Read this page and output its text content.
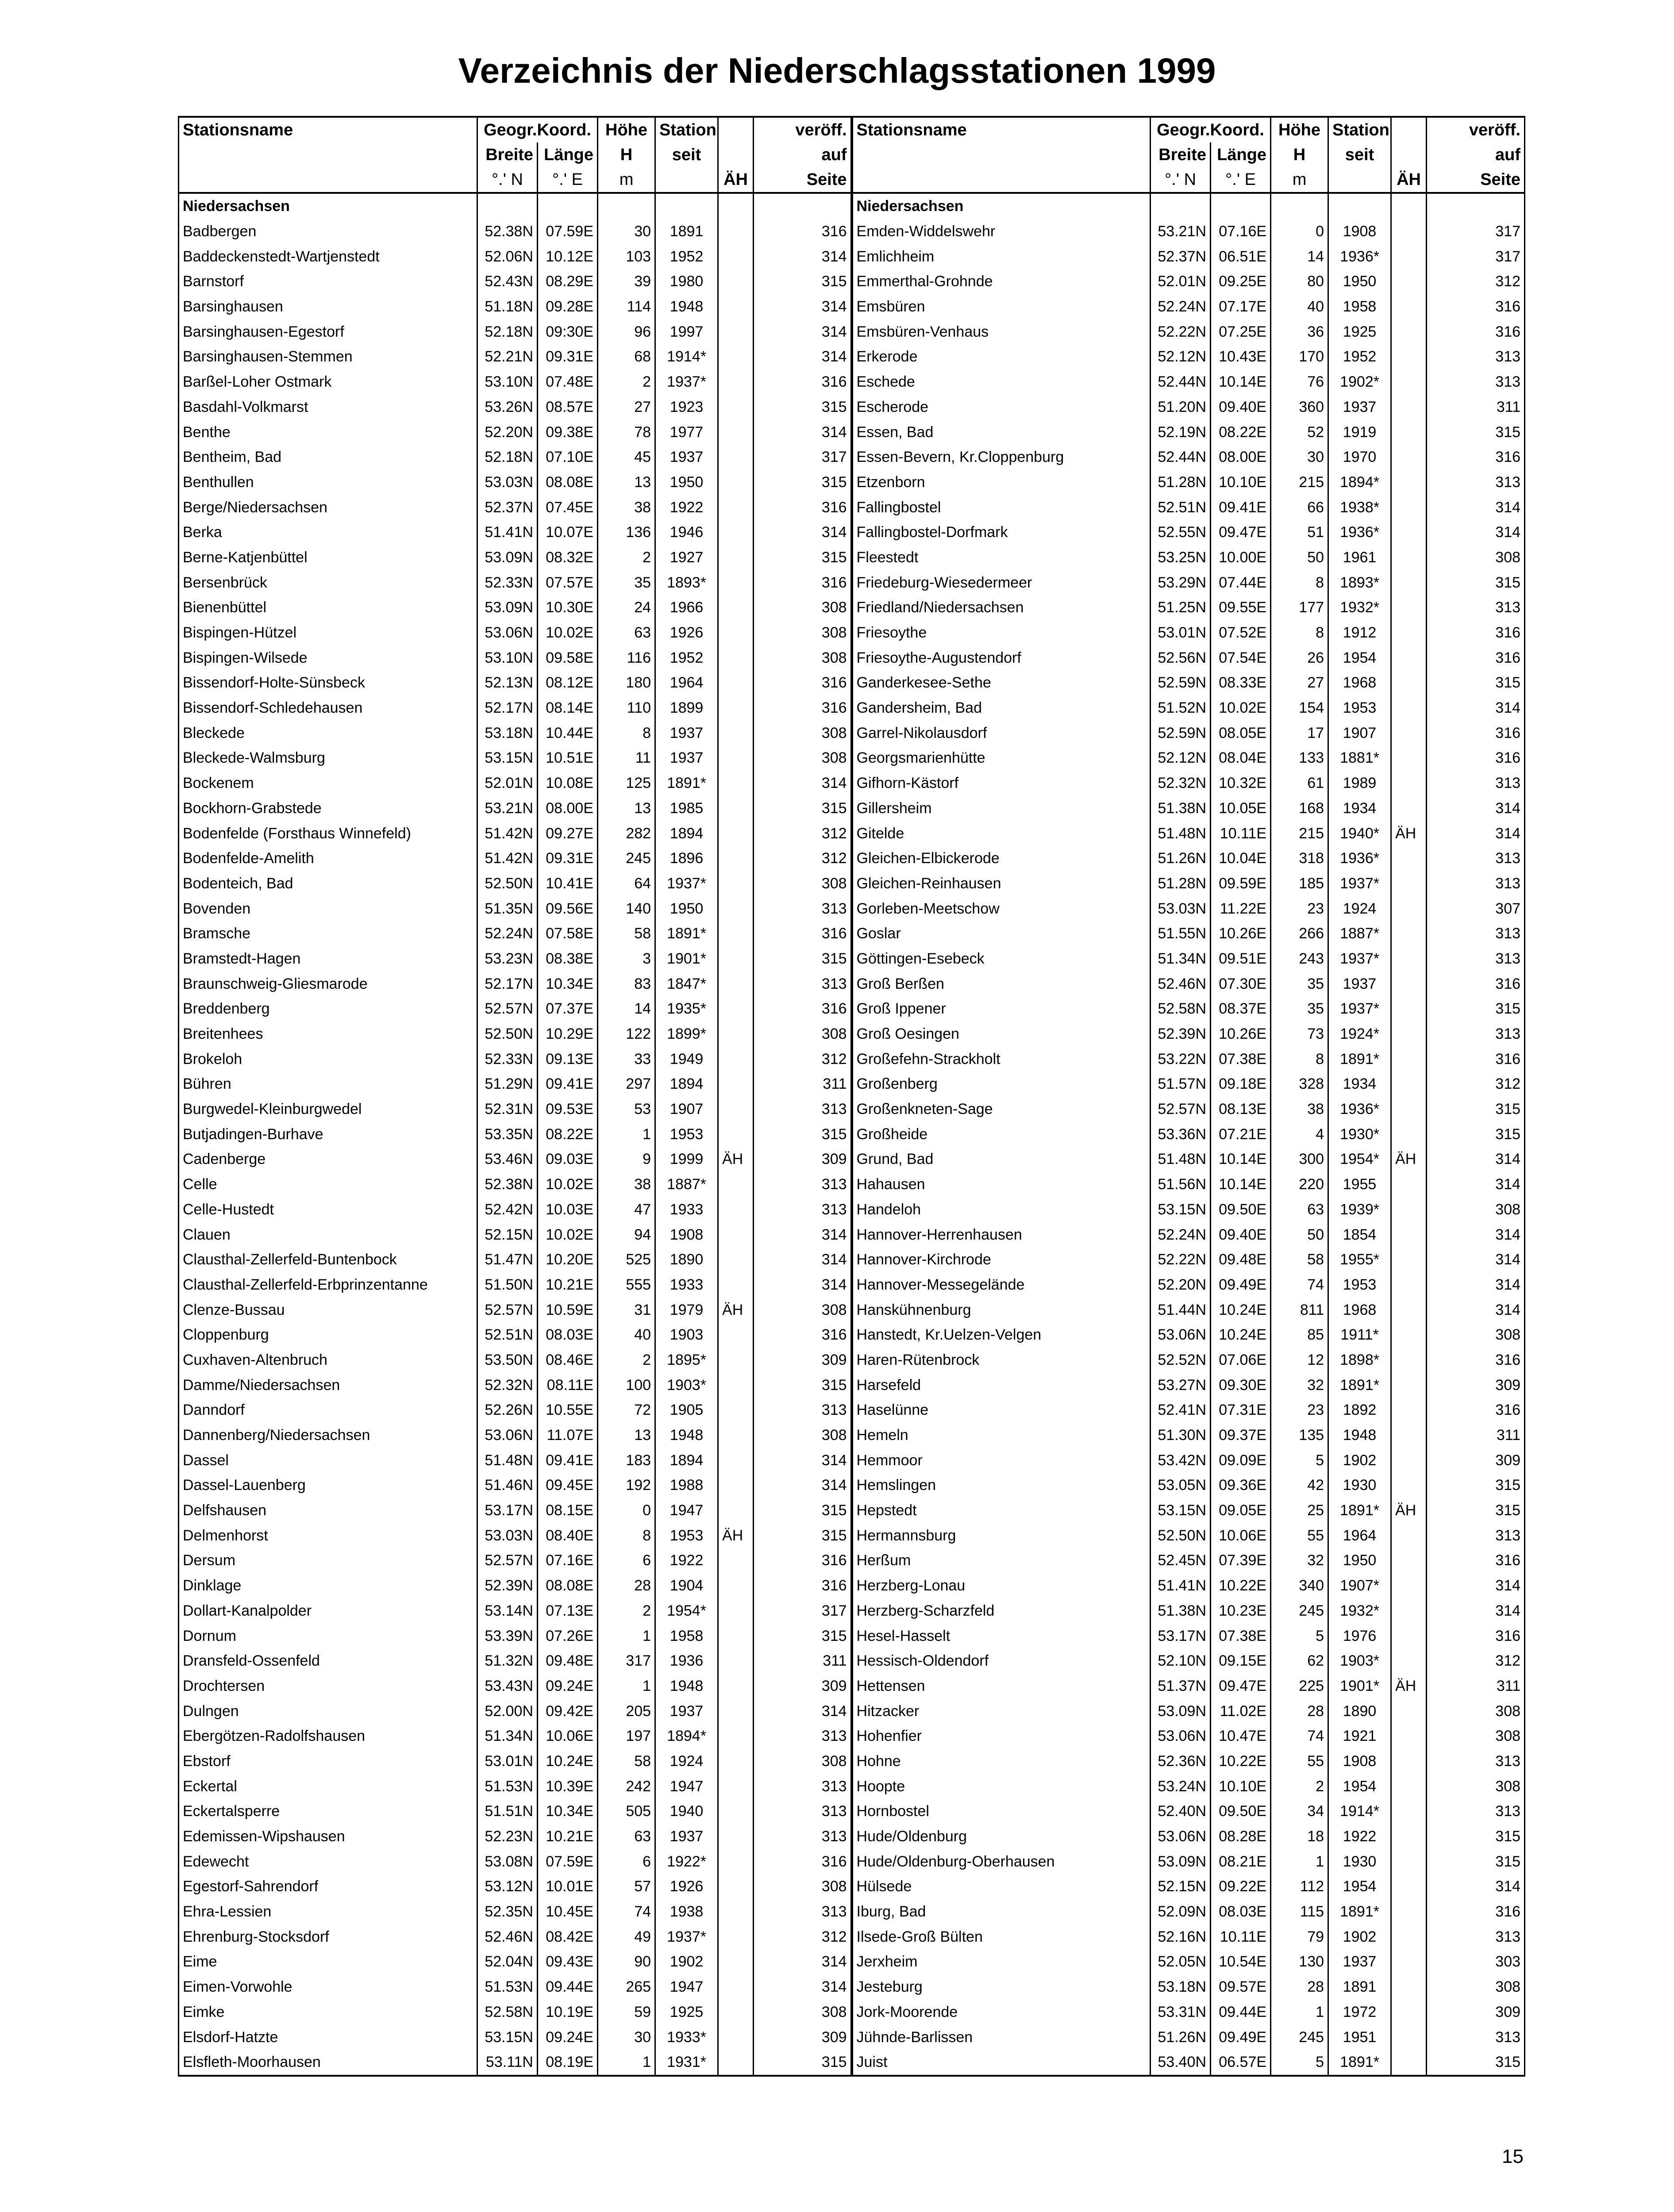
Verzeichnis der Niederschlagsstationen 1999
Stationsname	Geogr.Koord.		Höhe	Station		veröff.	Stationsname	Geogr.Koord.		Höhe	Station		veröff.
	Breite	Länge	H	seit		auf		Breite	Länge	H	seit		auf
	°.' N	°.' E	m		ÄH	Seite		°.' N	°.' E	m		ÄH	Seite
Niedersachsen							Niedersachsen						
Badbergen	52.38N	07.59E	30	1891		316	Emden-Widdelswehr	53.21N	07.16E	0	1908		317
Baddeckenstedt-Wartjenstedt	52.06N	10.12E	103	1952		314	Emlichheim	52.37N	06.51E	14	1936*		317
Barnstorf	52.43N	08.29E	39	1980		315	Emmerthal-Grohnde	52.01N	09.25E	80	1950		312
Barsinghausen	51.18N	09.28E	114	1948		314	Emsbüren	52.24N	07.17E	40	1958		316
Barsinghausen-Egestorf	52.18N	09:30E	96	1997		314	Emsbüren-Venhaus	52.22N	07.25E	36	1925		316
Barsinghausen-Stemmen	52.21N	09.31E	68	1914*		314	Erkerode	52.12N	10.43E	170	1952		313
Barßel-Loher Ostmark	53.10N	07.48E	2	1937*		316	Eschede	52.44N	10.14E	76	1902*		313
Basdahl-Volkmarst	53.26N	08.57E	27	1923		315	Escherode	51.20N	09.40E	360	1937		311
Benthe	52.20N	09.38E	78	1977		314	Essen, Bad	52.19N	08.22E	52	1919		315
Bentheim, Bad	52.18N	07.10E	45	1937		317	Essen-Bevern, Kr.Cloppenburg	52.44N	08.00E	30	1970		316
Benthullen	53.03N	08.08E	13	1950		315	Etzenborn	51.28N	10.10E	215	1894*		313
Berge/Niedersachsen	52.37N	07.45E	38	1922		316	Fallingbostel	52.51N	09.41E	66	1938*		314
Berka	51.41N	10.07E	136	1946		314	Fallingbostel-Dorfmark	52.55N	09.47E	51	1936*		314
Berne-Katjenbüttel	53.09N	08.32E	2	1927		315	Fleestedt	53.25N	10.00E	50	1961		308
Bersenbrück	52.33N	07.57E	35	1893*		316	Friedeburg-Wiesedermeer	53.29N	07.44E	8	1893*		315
Bienenbüttel	53.09N	10.30E	24	1966		308	Friedland/Niedersachsen	51.25N	09.55E	177	1932*		313
Bispingen-Hützel	53.06N	10.02E	63	1926		308	Friesoythe	53.01N	07.52E	8	1912		316
Bispingen-Wilsede	53.10N	09.58E	116	1952		308	Friesoythe-Augustendorf	52.56N	07.54E	26	1954		316
Bissendorf-Holte-Sünsbeck	52.13N	08.12E	180	1964		316	Ganderkesee-Sethe	52.59N	08.33E	27	1968		315
Bissendorf-Schledehausen	52.17N	08.14E	110	1899		316	Gandersheim, Bad	51.52N	10.02E	154	1953		314
Bleckede	53.18N	10.44E	8	1937		308	Garrel-Nikolausdorf	52.59N	08.05E	17	1907		316
Bleckede-Walmsburg	53.15N	10.51E	11	1937		308	Georgsmarienhütte	52.12N	08.04E	133	1881*		316
Bockenem	52.01N	10.08E	125	1891*		314	Gifhorn-Kästorf	52.32N	10.32E	61	1989		313
Bockhorn-Grabstede	53.21N	08.00E	13	1985		315	Gillersheim	51.38N	10.05E	168	1934		314
Bodenfelde (Forsthaus Winnefeld)	51.42N	09.27E	282	1894		312	Gitelde	51.48N	10.11E	215	1940*	ÄH	314
Bodenfelde-Amelith	51.42N	09.31E	245	1896		312	Gleichen-Elbickerode	51.26N	10.04E	318	1936*		313
Bodenteich, Bad	52.50N	10.41E	64	1937*		308	Gleichen-Reinhausen	51.28N	09.59E	185	1937*		313
Bovenden	51.35N	09.56E	140	1950		313	Gorleben-Meetschow	53.03N	11.22E	23	1924		307
Bramsche	52.24N	07.58E	58	1891*		316	Goslar	51.55N	10.26E	266	1887*		313
Bramstedt-Hagen	53.23N	08.38E	3	1901*		315	Göttingen-Esebeck	51.34N	09.51E	243	1937*		313
Braunschweig-Gliesmarode	52.17N	10.34E	83	1847*		313	Groß Berßen	52.46N	07.30E	35	1937		316
Breddenberg	52.57N	07.37E	14	1935*		316	Groß Ippener	52.58N	08.37E	35	1937*		315
Breitenhees	52.50N	10.29E	122	1899*		308	Groß Oesingen	52.39N	10.26E	73	1924*		313
Brokeloh	52.33N	09.13E	33	1949		312	Großefehn-Strackholt	53.22N	07.38E	8	1891*		316
Bühren	51.29N	09.41E	297	1894		311	Großenberg	51.57N	09.18E	328	1934		312
Burgwedel-Kleinburgwedel	52.31N	09.53E	53	1907		313	Großenkneten-Sage	52.57N	08.13E	38	1936*		315
Butjadingen-Burhave	53.35N	08.22E	1	1953		315	Großheide	53.36N	07.21E	4	1930*		315
Cadenberge	53.46N	09.03E	9	1999	ÄH	309	Grund, Bad	51.48N	10.14E	300	1954*	ÄH	314
Celle	52.38N	10.02E	38	1887*		313	Hahausen	51.56N	10.14E	220	1955		314
Celle-Hustedt	52.42N	10.03E	47	1933		313	Handeloh	53.15N	09.50E	63	1939*		308
Clauen	52.15N	10.02E	94	1908		314	Hannover-Herrenhausen	52.24N	09.40E	50	1854		314
Clausthal-Zellerfeld-Buntenbock	51.47N	10.20E	525	1890		314	Hannover-Kirchrode	52.22N	09.48E	58	1955*		314
Clausthal-Zellerfeld-Erbprinzentanne	51.50N	10.21E	555	1933		314	Hannover-Messegelände	52.20N	09.49E	74	1953		314
Clenze-Bussau	52.57N	10.59E	31	1979	ÄH	308	Hanskühnenburg	51.44N	10.24E	811	1968		314
Cloppenburg	52.51N	08.03E	40	1903		316	Hanstedt, Kr.Uelzen-Velgen	53.06N	10.24E	85	1911*		308
Cuxhaven-Altenbruch	53.50N	08.46E	2	1895*		309	Haren-Rütenbrock	52.52N	07.06E	12	1898*		316
Damme/Niedersachsen	52.32N	08.11E	100	1903*		315	Harsefeld	53.27N	09.30E	32	1891*		309
Danndorf	52.26N	10.55E	72	1905		313	Haselünne	52.41N	07.31E	23	1892		316
Dannenberg/Niedersachsen	53.06N	11.07E	13	1948		308	Hemeln	51.30N	09.37E	135	1948		311
Dassel	51.48N	09.41E	183	1894		314	Hemmoor	53.42N	09.09E	5	1902		309
Dassel-Lauenberg	51.46N	09.45E	192	1988		314	Hemslingen	53.05N	09.36E	42	1930		315
Delfshausen	53.17N	08.15E	0	1947		315	Hepstedt	53.15N	09.05E	25	1891*	ÄH	315
Delmenhorst	53.03N	08.40E	8	1953	ÄH	315	Hermannsburg	52.50N	10.06E	55	1964		313
Dersum	52.57N	07.16E	6	1922		316	Herßum	52.45N	07.39E	32	1950		316
Dinklage	52.39N	08.08E	28	1904		316	Herzberg-Lonau	51.41N	10.22E	340	1907*		314
Dollart-Kanalpolder	53.14N	07.13E	2	1954*		317	Herzberg-Scharzfeld	51.38N	10.23E	245	1932*		314
Dornum	53.39N	07.26E	1	1958		315	Hesel-Hasselt	53.17N	07.38E	5	1976		316
Dransfeld-Ossenfeld	51.32N	09.48E	317	1936		311	Hessisch-Oldendorf	52.10N	09.15E	62	1903*		312
Drochtersen	53.43N	09.24E	1	1948		309	Hettensen	51.37N	09.47E	225	1901*	ÄH	311
Dulngen	52.00N	09.42E	205	1937		314	Hitzacker	53.09N	11.02E	28	1890		308
Ebergötzen-Radolfshausen	51.34N	10.06E	197	1894*		313	Hohenfier	53.06N	10.47E	74	1921		308
Ebstorf	53.01N	10.24E	58	1924		308	Hohne	52.36N	10.22E	55	1908		313
Eckertal	51.53N	10.39E	242	1947		313	Hoopte	53.24N	10.10E	2	1954		308
Eckertalsperre	51.51N	10.34E	505	1940		313	Hornbostel	52.40N	09.50E	34	1914*		313
Edemissen-Wipshausen	52.23N	10.21E	63	1937		313	Hude/Oldenburg	53.06N	08.28E	18	1922		315
Edewecht	53.08N	07.59E	6	1922*		316	Hude/Oldenburg-Oberhausen	53.09N	08.21E	1	1930		315
Egestorf-Sahrendorf	53.12N	10.01E	57	1926		308	Hülsede	52.15N	09.22E	112	1954		314
Ehra-Lessien	52.35N	10.45E	74	1938		313	Iburg, Bad	52.09N	08.03E	115	1891*		316
Ehrenburg-Stocksdorf	52.46N	08.42E	49	1937*		312	Ilsede-Groß Bülten	52.16N	10.11E	79	1902		313
Eime	52.04N	09.43E	90	1902		314	Jerxheim	52.05N	10.54E	130	1937		303
Eimen-Vorwohle	51.53N	09.44E	265	1947		314	Jesteburg	53.18N	09.57E	28	1891		308
Eimke	52.58N	10.19E	59	1925		308	Jork-Moorende	53.31N	09.44E	1	1972		309
Elsdorf-Hatzte	53.15N	09.24E	30	1933*		309	Jühnde-Barlissen	51.26N	09.49E	245	1951		313
Elsfleth-Moorhausen	53.11N	08.19E	1	1931*		315	Juist	53.40N	06.57E	5	1891*		315
15
